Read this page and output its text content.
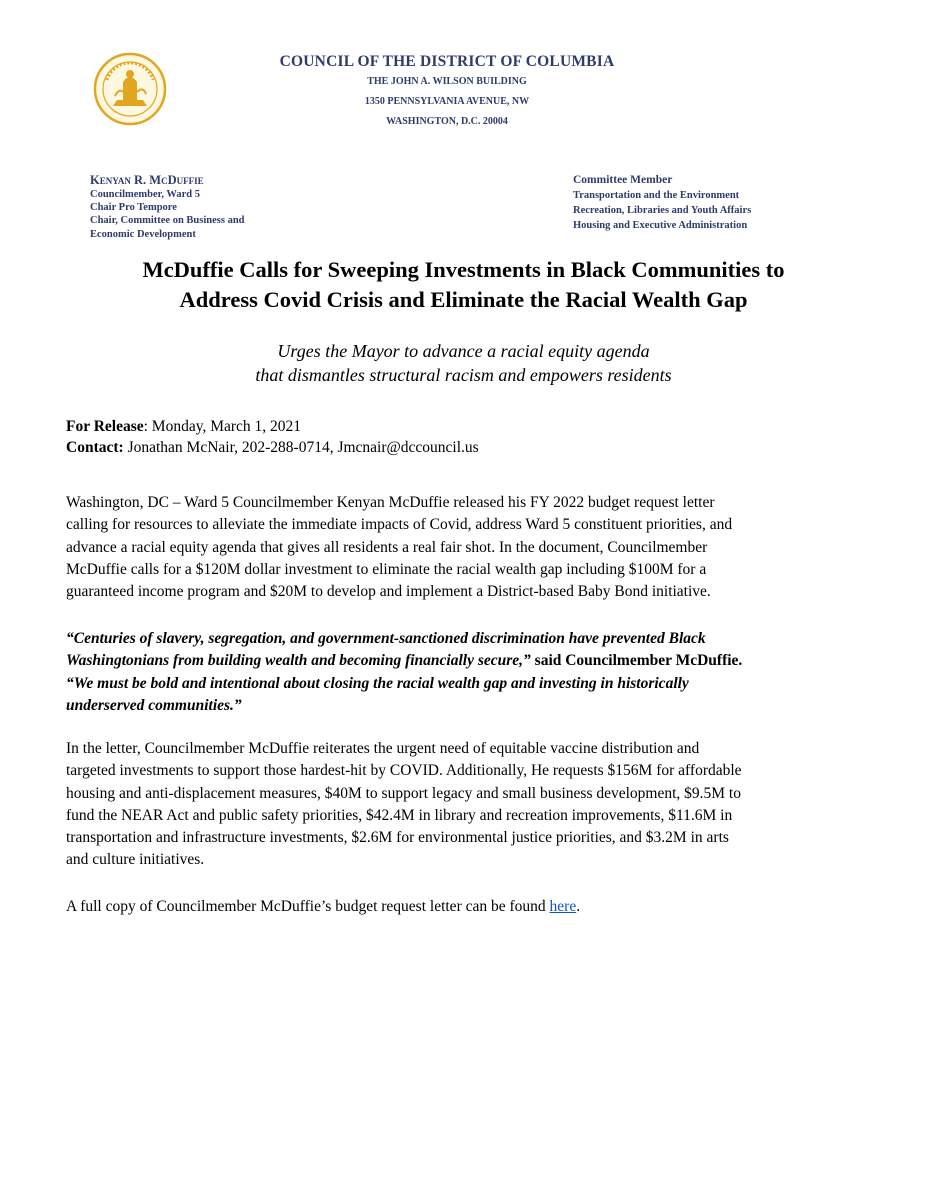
COUNCIL OF THE DISTRICT OF COLUMBIA
THE JOHN A. WILSON BUILDING
1350 PENNSYLVANIA AVENUE, NW
WASHINGTON, D.C. 20004
Kenyan R. McDuffie
Councilmember, Ward 5
Chair Pro Tempore
Chair, Committee on Business and
Economic Development
Committee Member
Transportation and the Environment
Recreation, Libraries and Youth Affairs
Housing and Executive Administration
McDuffie Calls for Sweeping Investments in Black Communities to
Address Covid Crisis and Eliminate the Racial Wealth Gap
Urges the Mayor to advance a racial equity agenda
that dismantles structural racism and empowers residents
For Release: Monday, March 1, 2021
Contact: Jonathan McNair, 202-288-0714, Jmcnair@dccouncil.us
Washington, DC – Ward 5 Councilmember Kenyan McDuffie released his FY 2022 budget request letter
calling for resources to alleviate the immediate impacts of Covid, address Ward 5 constituent priorities, and
advance a racial equity agenda that gives all residents a real fair shot. In the document, Councilmember
McDuffie calls for a $120M dollar investment to eliminate the racial wealth gap including $100M for a
guaranteed income program and $20M to develop and implement a District-based Baby Bond initiative.
“Centuries of slavery, segregation, and government-sanctioned discrimination have prevented Black
Washingtonians from building wealth and becoming financially secure,” said Councilmember McDuffie.
“We must be bold and intentional about closing the racial wealth gap and investing in historically
underserved communities.”
In the letter, Councilmember McDuffie reiterates the urgent need of equitable vaccine distribution and
targeted investments to support those hardest-hit by COVID. Additionally, He requests $156M for affordable
housing and anti-displacement measures, $40M to support legacy and small business development, $9.5M to
fund the NEAR Act and public safety priorities, $42.4M in library and recreation improvements, $11.6M in
transportation and infrastructure investments, $2.6M for environmental justice priorities, and $3.2M in arts
and culture initiatives.
A full copy of Councilmember McDuffie’s budget request letter can be found here.
